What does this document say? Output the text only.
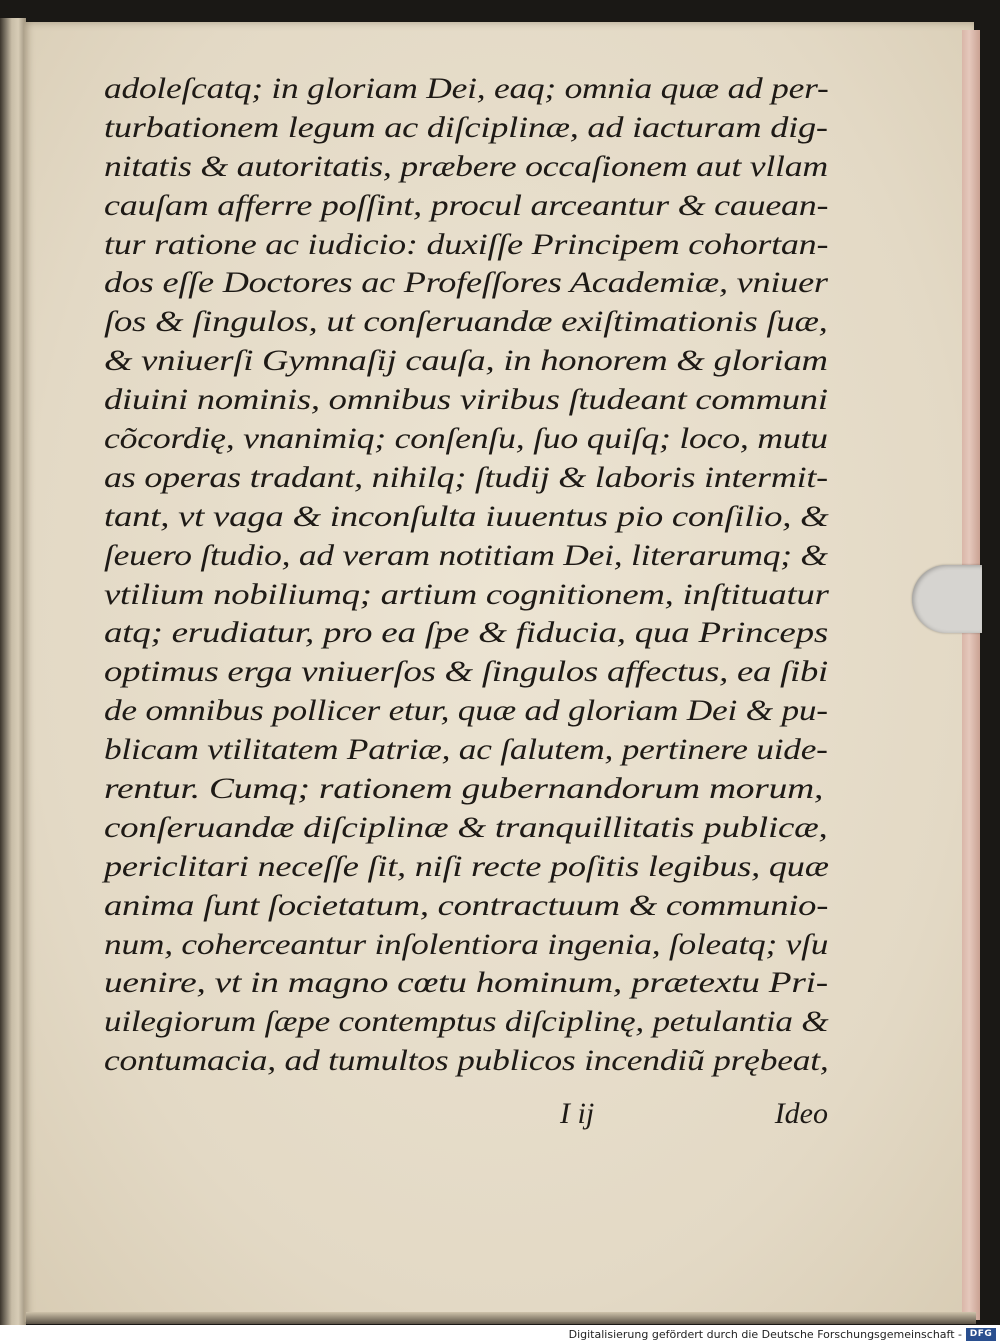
adoleſcatq; in gloriam Dei, eaq; omnia quæ ad per-
turbationem legum ac diſciplinæ, ad iacturam dig-
nitatis & autoritatis, præbere occaſionem aut vllam
cauſam afferre poſſint, procul arceantur & cauean-
tur ratione ac iudicio: duxiſſe Principem cohortan-
dos eſſe Doctores ac Profeſſores Academiæ, vniuer
ſos & ſingulos, ut conſeruandæ exiſtimationis ſuæ,
& vniuerſi Gymnaſij cauſa, in honorem & gloriam
diuini nominis, omnibus viribus ſtudeant communi
cõcordię, vnanimiq; conſenſu, ſuo quiſq; loco, mutu
as operas tradant, nihilq; ſtudij & laboris intermit-
tant, vt vaga & inconſulta iuuentus pio conſilio, &
ſeuero ſtudio, ad veram notitiam Dei, literarumq; &
vtilium nobiliumq; artium cognitionem, inſtituatur
atq; erudiatur, pro ea ſpe & fiducia, qua Princeps
optimus erga vniuerſos & ſingulos affectus, ea ſibi
de omnibus pollicer etur, quæ ad gloriam Dei & pu-
blicam vtilitatem Patriæ, ac ſalutem, pertinere uide-
rentur. Cumq; rationem gubernandorum morum,
conſeruandæ diſciplinæ & tranquillitatis publicæ,
periclitari neceſſe ſit, niſi recte poſitis legibus, quæ
anima ſunt ſocietatum, contractuum & communio-
num, coherceantur inſolentiora ingenia, ſoleatq; vſu
uenire, vt in magno cœtu hominum, prætextu Pri-
uilegiorum ſæpe contemptus diſciplinę, petulantia &
contumacia, ad tumultos publicos incendiũ prębeat,
I ij	Ideo
Digitalisierung gefördert durch die Deutsche Forschungsgemeinschaft - DFG
